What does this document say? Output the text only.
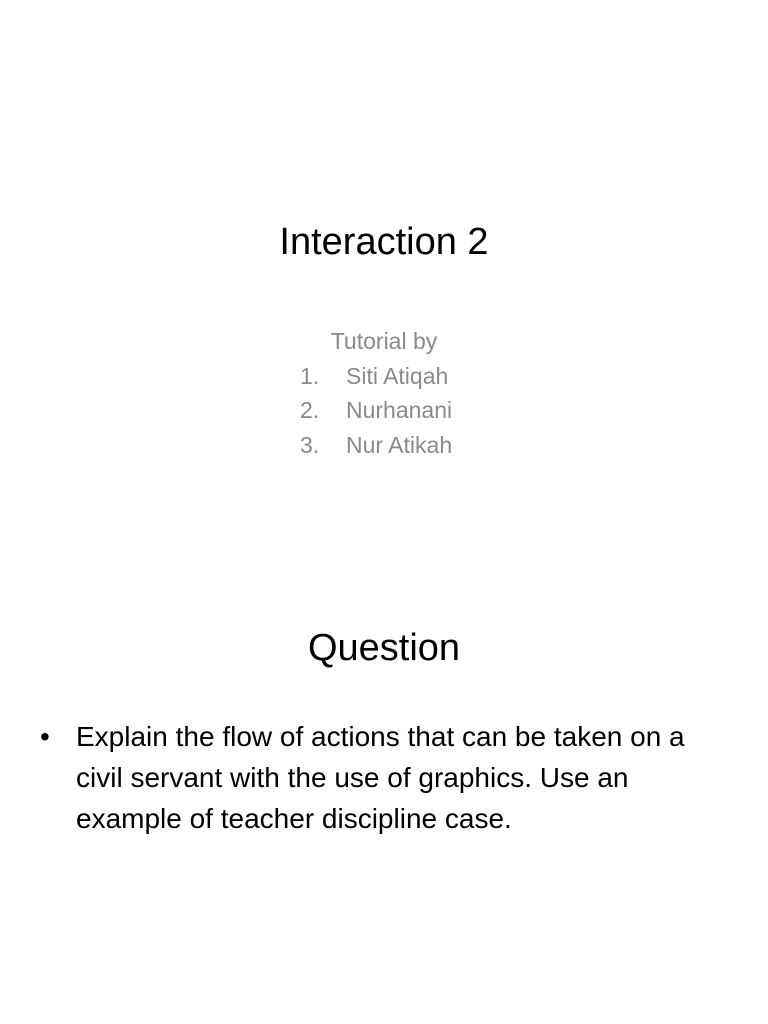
Interaction 2
Tutorial by
1.	Siti Atiqah
2.	Nurhanani
3.	Nur Atikah
Question
• Explain the flow of actions that can be taken on a civil servant with the use of graphics. Use an example of teacher discipline case.
